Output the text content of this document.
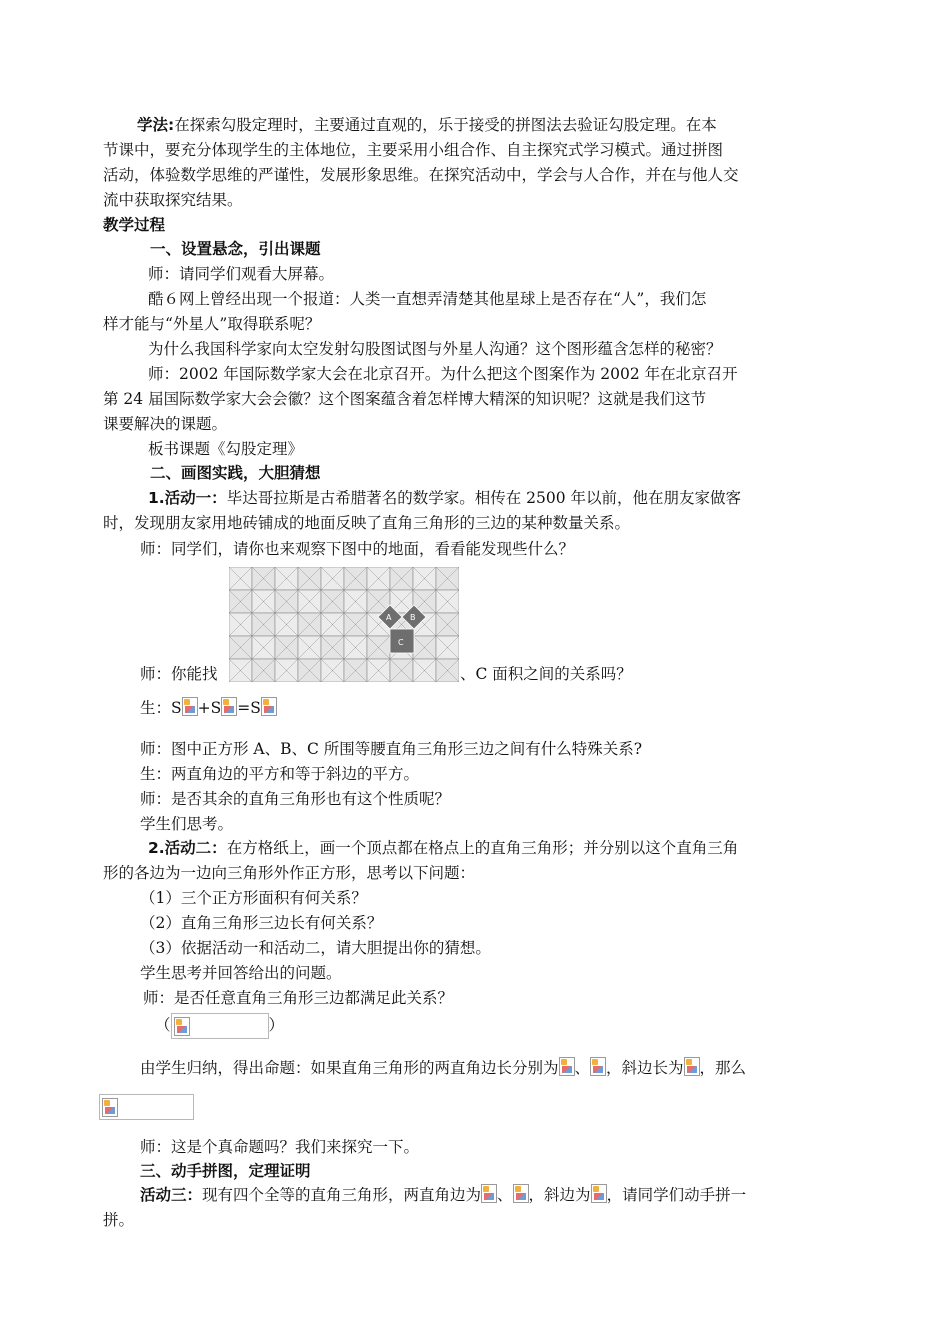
学法:在探索勾股定理时，主要通过直观的，乐于接受的拼图法去验证勾股定理。在本
节课中，要充分体现学生的主体地位，主要采用小组合作、自主探究式学习模式。通过拼图
活动，体验数学思维的严谨性，发展形象思维。在探究活动中，学会与人合作，并在与他人交
流中获取探究结果。
教学过程
一、设置悬念，引出课题
师：请同学们观看大屏幕。
酷６网上曾经出现一个报道：人类一直想弄清楚其他星球上是否存在“人”，我们怎
样才能与“外星人”取得联系呢？
为什么我国科学家向太空发射勾股图试图与外星人沟通？这个图形蕴含怎样的秘密？
师：2002 年国际数学家大会在北京召开。为什么把这个图案作为 2002 年在北京召开
第 24 届国际数学家大会会徽？这个图案蕴含着怎样博大精深的知识呢？这就是我们这节
课要解决的课题。
板书课题《勾股定理》
二、画图实践，大胆猜想
1.活动一：毕达哥拉斯是古希腊著名的数学家。相传在 2500 年以前，他在朋友家做客
时，发现朋友家用地砖铺成的地面反映了直角三角形的三边的某种数量关系。
师：同学们，请你也来观察下图中的地面，看看能发现些什么？
A B
C
师：你能找	、C 面积之间的关系吗？
生：S +S =S
师：图中正方形 A、B、C 所围等腰直角三角形三边之间有什么特殊关系?
生：两直角边的平方和等于斜边的平方。
师：是否其余的直角三角形也有这个性质呢？
学生们思考。
2.活动二：在方格纸上，画一个顶点都在格点上的直角三角形；并分别以这个直角三角
形的各边为一边向三角形外作正方形，思考以下问题：
（1）三个正方形面积有何关系？
（2）直角三角形三边长有何关系？
（3）依据活动一和活动二，请大胆提出你的猜想。
学生思考并回答给出的问题。
师：是否任意直角三角形三边都满足此关系？
（	）
由学生归纳，得出命题：如果直角三角形的两直角边长分别为 、 ，斜边长为 ，那么
师：这是个真命题吗？我们来探究一下。
三、动手拼图，定理证明
活动三：现有四个全等的直角三角形，两直角边为 、 ，斜边为 ，请同学们动手拼一
拼。
